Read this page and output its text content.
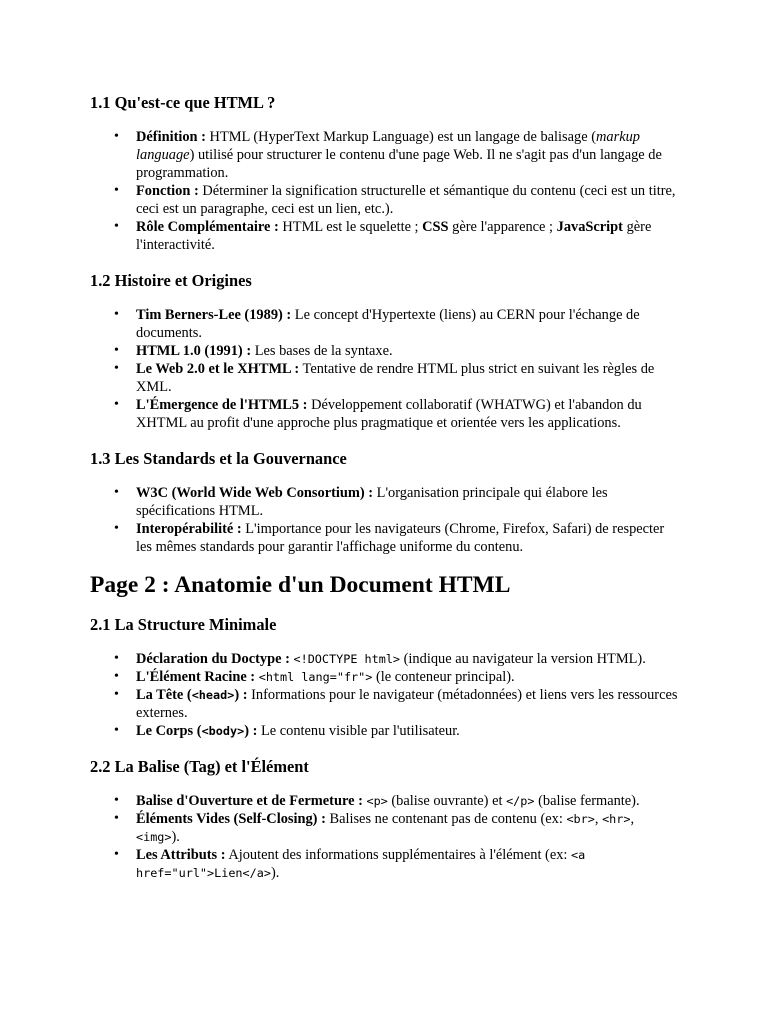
1.1 Qu'est-ce que HTML ?
• Définition : HTML (HyperText Markup Language) est un langage de balisage (markup language) utilisé pour structurer le contenu d'une page Web. Il ne s'agit pas d'un langage de programmation.
• Fonction : Déterminer la signification structurelle et sémantique du contenu (ceci est un titre, ceci est un paragraphe, ceci est un lien, etc.).
• Rôle Complémentaire : HTML est le squelette ; CSS gère l'apparence ; JavaScript gère l'interactivité.
1.2 Histoire et Origines
• Tim Berners-Lee (1989) : Le concept d'Hypertexte (liens) au CERN pour l'échange de documents.
• HTML 1.0 (1991) : Les bases de la syntaxe.
• Le Web 2.0 et le XHTML : Tentative de rendre HTML plus strict en suivant les règles de XML.
• L'Émergence de l'HTML5 : Développement collaboratif (WHATWG) et l'abandon du XHTML au profit d'une approche plus pragmatique et orientée vers les applications.
1.3 Les Standards et la Gouvernance
• W3C (World Wide Web Consortium) : L'organisation principale qui élabore les spécifications HTML.
• Interopérabilité : L'importance pour les navigateurs (Chrome, Firefox, Safari) de respecter les mêmes standards pour garantir l'affichage uniforme du contenu.
Page 2 : Anatomie d'un Document HTML
2.1 La Structure Minimale
• Déclaration du Doctype : <!DOCTYPE html> (indique au navigateur la version HTML).
• L'Élément Racine : <html lang="fr"> (le conteneur principal).
• La Tête (<head>) : Informations pour le navigateur (métadonnées) et liens vers les ressources externes.
• Le Corps (<body>) : Le contenu visible par l'utilisateur.
2.2 La Balise (Tag) et l'Élément
• Balise d'Ouverture et de Fermeture : <p> (balise ouvrante) et </p> (balise fermante).
• Éléments Vides (Self-Closing) : Balises ne contenant pas de contenu (ex: <br>, <hr>, <img>).
• Les Attributs : Ajoutent des informations supplémentaires à l'élément (ex: <a href="url">Lien</a>).
